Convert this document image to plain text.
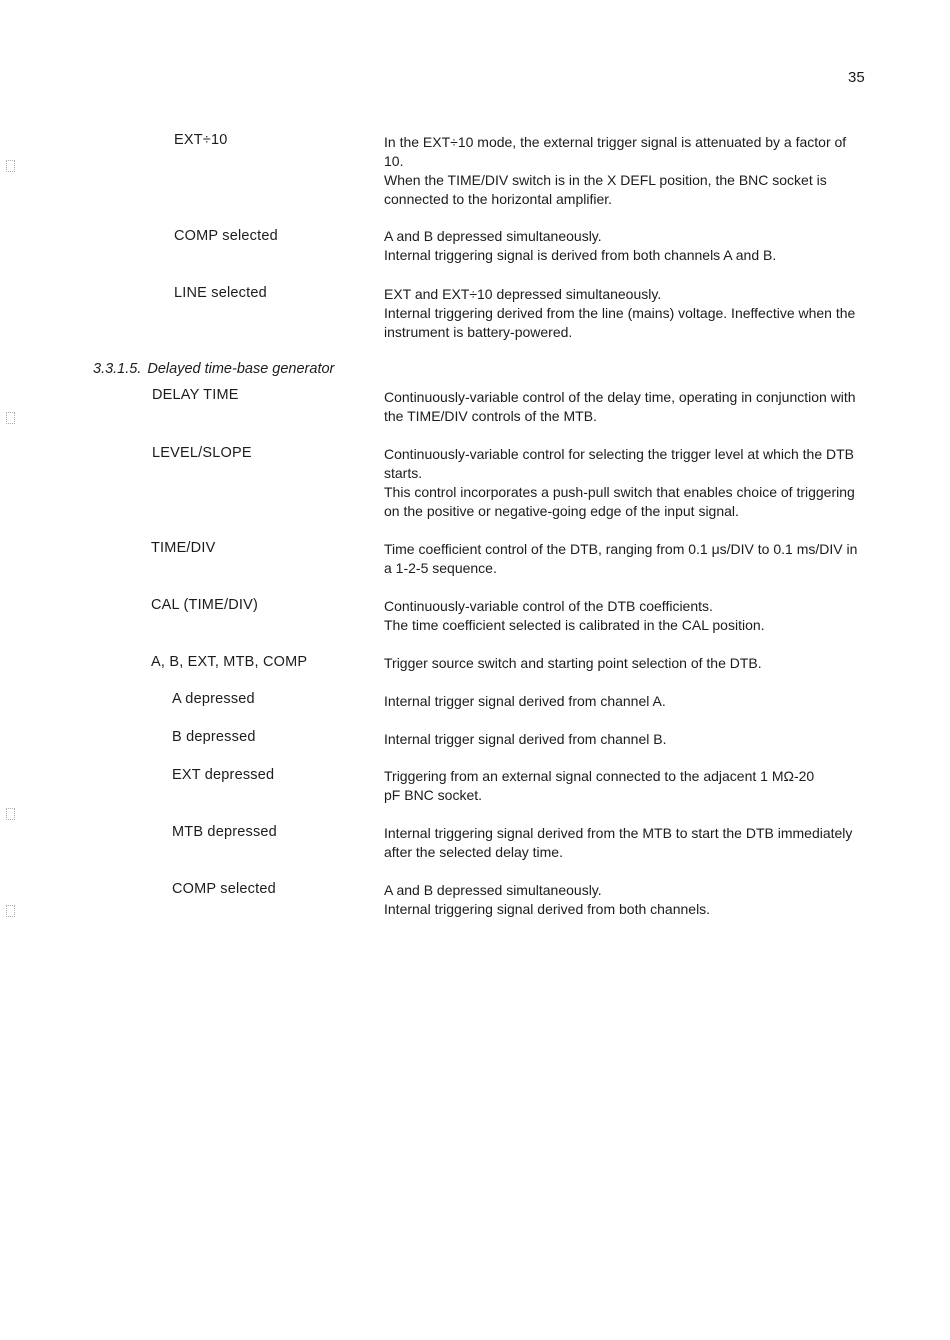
35
EXT÷10	In the EXT÷10 mode, the external trigger signal is attenuated by a factor of 10.

When the TIME/DIV switch is in the X DEFL position, the BNC socket is connected to the horizontal amplifier.

COMP selected	A and B depressed simultaneously.

Internal triggering signal is derived from both channels A and B.

LINE selected	EXT and EXT÷10 depressed simultaneously.

Internal triggering derived from the line (mains) voltage. Ineffective when the instrument is battery-powered.

3.3.1.5. Delayed time-base generator
DELAY TIME	Continuously-variable control of the delay time, operating in conjunction with the TIME/DIV controls of the MTB.

LEVEL/SLOPE	Continuously-variable control for selecting the trigger level at which the DTB starts.

This control incorporates a push-pull switch that enables choice of triggering on the positive or negative-going edge of the input signal.

TIME/DIV	Time coefficient control of the DTB, ranging from 0.1 μs/DIV to 0.1 ms/DIV in a 1-2-5 sequence.

CAL (TIME/DIV)	Continuously-variable control of the DTB coefficients.

The time coefficient selected is calibrated in the CAL position.

A, B, EXT, MTB, COMP	Trigger source switch and starting point selection of the DTB.

A depressed	Internal trigger signal derived from channel A.

B depressed	Internal trigger signal derived from channel B.

EXT depressed	Triggering from an external signal connected to the adjacent 1 MΩ-20 pF BNC socket.

MTB depressed	Internal triggering signal derived from the MTB to start the DTB immediately after the selected delay time.

COMP selected	A and B depressed simultaneously.

Internal triggering signal derived from both channels.
